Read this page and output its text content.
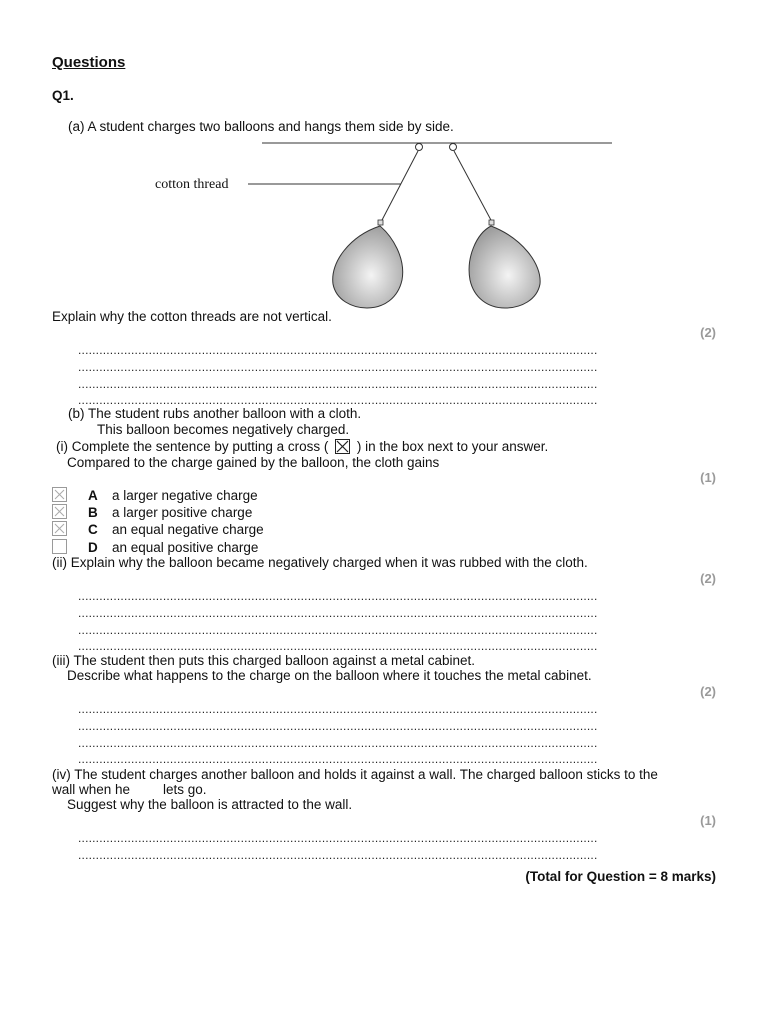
Questions
Q1.
(a) A student charges two balloons and hangs them side by side.
cotton thread
Explain why the cotton threads are not vertical.
(2)
...................................................................................................................................................
...................................................................................................................................................
...................................................................................................................................................
...................................................................................................................................................
(b) The student rubs another balloon with a cloth.
This balloon becomes negatively charged.
(i) Complete the sentence by putting a cross ( ☒ ) in the box next to your answer.
Compared to the charge gained by the balloon, the cloth gains
(1)
A a larger negative charge
B a larger positive charge
C an equal negative charge
D an equal positive charge
(ii) Explain why the balloon became negatively charged when it was rubbed with the cloth.
(2)
...................................................................................................................................................
...................................................................................................................................................
...................................................................................................................................................
...................................................................................................................................................
(iii) The student then puts this charged balloon against a metal cabinet.
Describe what happens to the charge on the balloon where it touches the metal cabinet.
(2)
...................................................................................................................................................
...................................................................................................................................................
...................................................................................................................................................
...................................................................................................................................................
(iv) The student charges another balloon and holds it against a wall. The charged balloon sticks to the
wall when he lets go.
Suggest why the balloon is attracted to the wall.
(1)
...................................................................................................................................................
...................................................................................................................................................
(Total for Question = 8 marks)
